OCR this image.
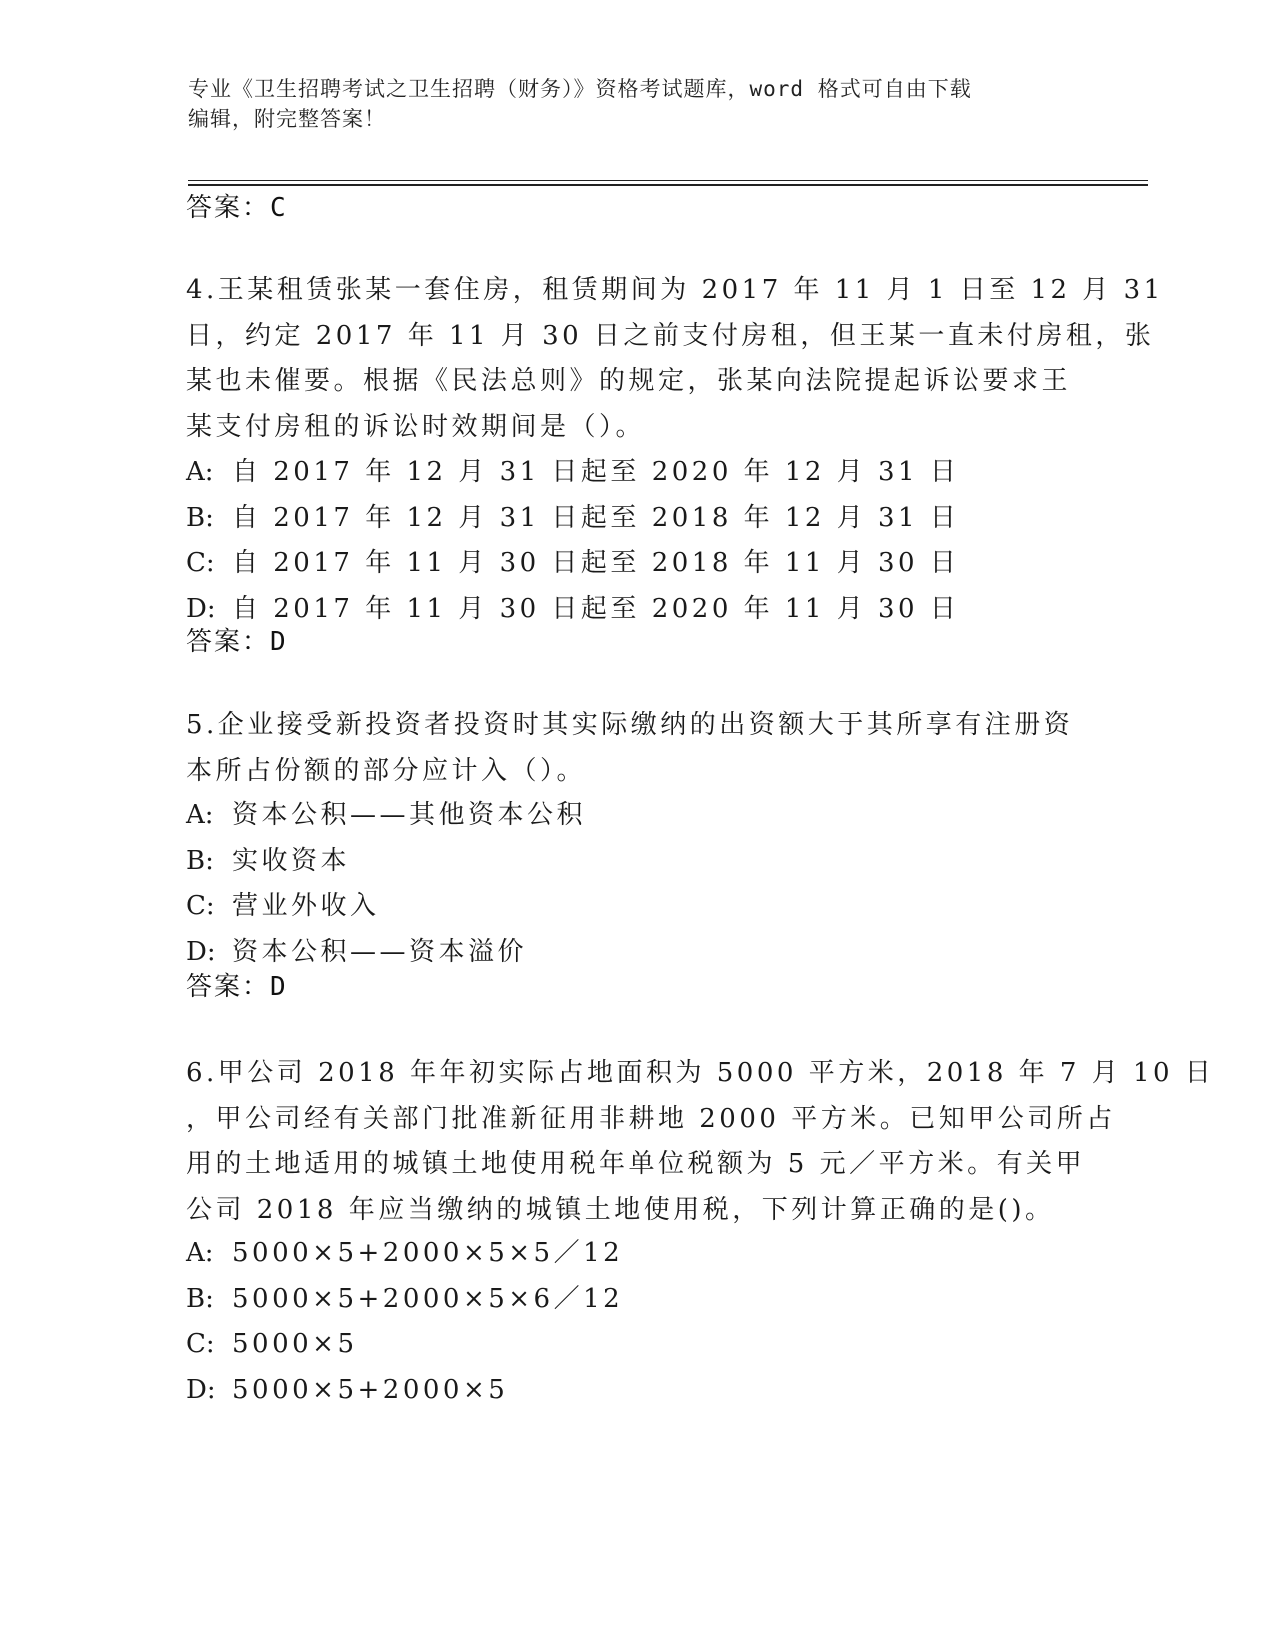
专业《卫生招聘考试之卫生招聘（财务）》资格考试题库，word 格式可自由下载
编辑，附完整答案！
答案：C
4.王某租赁张某一套住房，租赁期间为 2017 年 11 月 1 日至 12 月 31
日，约定 2017 年 11 月 30 日之前支付房租，但王某一直未付房租，张
某也未催要。根据《民法总则》的规定，张某向法院提起诉讼要求王
某支付房租的诉讼时效期间是（）。
A: 自 2017 年 12 月 31 日起至 2020 年 12 月 31 日
B: 自 2017 年 12 月 31 日起至 2018 年 12 月 31 日
C: 自 2017 年 11 月 30 日起至 2018 年 11 月 30 日
D: 自 2017 年 11 月 30 日起至 2020 年 11 月 30 日
答案：D
5.企业接受新投资者投资时其实际缴纳的出资额大于其所享有注册资
本所占份额的部分应计入（）。
A: 资本公积——其他资本公积
B: 实收资本
C: 营业外收入
D: 资本公积——资本溢价
答案：D
6.甲公司 2018 年年初实际占地面积为 5000 平方米，2018 年 7 月 10 日
，甲公司经有关部门批准新征用非耕地 2000 平方米。已知甲公司所占
用的土地适用的城镇土地使用税年单位税额为 5 元／平方米。有关甲
公司 2018 年应当缴纳的城镇土地使用税，下列计算正确的是()。
A: 5000×5+2000×5×5／12
B: 5000×5+2000×5×6／12
C: 5000×5
D: 5000×5+2000×5
